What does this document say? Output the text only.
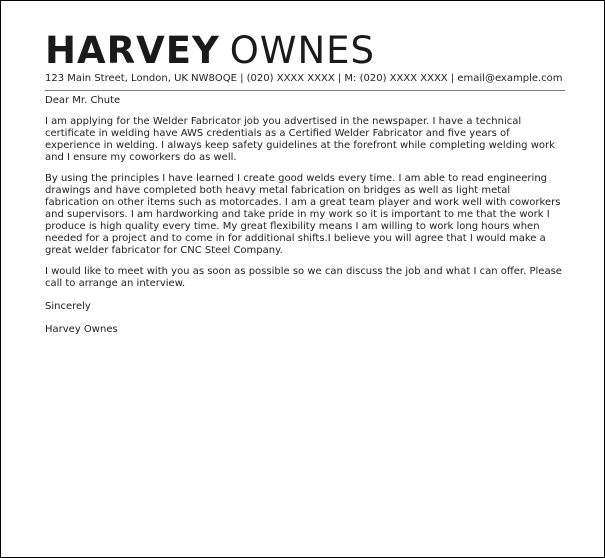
HARVEY OWNES
123 Main Street, London, UK NW8OQE | (020) XXXX XXXX | M: (020) XXXX XXXX | email@example.com

Dear Mr. Chute

I am applying for the Welder Fabricator job you advertised in the newspaper. I have a technical certificate in welding have AWS credentials as a Certified Welder Fabricator and five years of experience in welding. I always keep safety guidelines at the forefront while completing welding work and I ensure my coworkers do as well.

By using the principles I have learned I create good welds every time. I am able to read engineering drawings and have completed both heavy metal fabrication on bridges as well as light metal fabrication on other items such as motorcades. I am a great team player and work well with coworkers and supervisors. I am hardworking and take pride in my work so it is important to me that the work I produce is high quality every time. My great flexibility means I am willing to work long hours when needed for a project and to come in for additional shifts.I believe you will agree that I would make a great welder fabricator for CNC Steel Company.

I would like to meet with you as soon as possible so we can discuss the job and what I can offer. Please call to arrange an interview.

Sincerely

Harvey Ownes
